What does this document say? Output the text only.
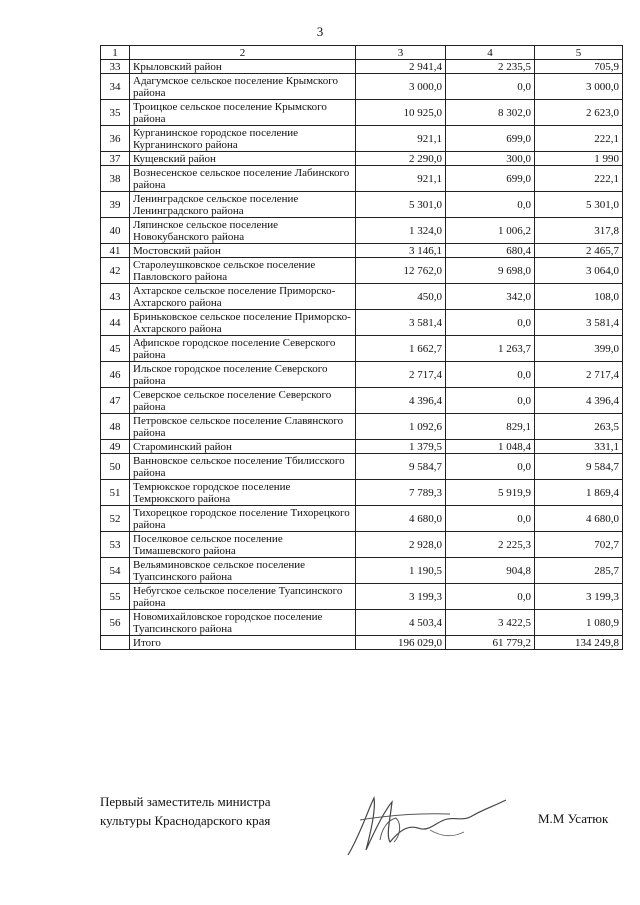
3
1	2	3	4	5
33	Крыловский район	2 941,4	2 235,5	705,9
34	Адагумское сельское поселение Крымского района	3 000,0	0,0	3 000,0
35	Троицкое сельское поселение Крымского района	10 925,0	8 302,0	2 623,0
36	Курганинское городское поселение Курганинского района	921,1	699,0	222,1
37	Кущевский район	2 290,0	300,0	1 990
38	Вознесенское сельское поселение Лабинского района	921,1	699,0	222,1
39	Ленинградское сельское поселение Ленинградского района	5 301,0	0,0	5 301,0
40	Ляпинское сельское поселение Новокубанского района	1 324,0	1 006,2	317,8
41	Мостовский район	3 146,1	680,4	2 465,7
42	Старолеушковское сельское поселение Павловского района	12 762,0	9 698,0	3 064,0
43	Ахтарское сельское поселение Приморско-Ахтарского района	450,0	342,0	108,0
44	Бриньковское сельское поселение Приморско-Ахтарского района	3 581,4	0,0	3 581,4
45	Афипское городское поселение Северского района	1 662,7	1 263,7	399,0
46	Ильское городское поселение Северского района	2 717,4	0,0	2 717,4
47	Северское сельское поселение Северского района	4 396,4	0,0	4 396,4
48	Петровское сельское поселение Славянского района	1 092,6	829,1	263,5
49	Староминский район	1 379,5	1 048,4	331,1
50	Ванновское сельское поселение Тбилисского района	9 584,7	0,0	9 584,7
51	Темрюкское городское поселение Темрюкского района	7 789,3	5 919,9	1 869,4
52	Тихорецкое городское поселение Тихорецкого района	4 680,0	0,0	4 680,0
53	Поселковое сельское поселение Тимашевского района	2 928,0	2 225,3	702,7
54	Вельяминовское сельское поселение Туапсинского района	1 190,5	904,8	285,7
55	Небугское сельское поселение Туапсинского района	3 199,3	0,0	3 199,3
56	Новомихайловское городское поселение Туапсинского района	4 503,4	3 422,5	1 080,9
	Итого	196 029,0	61 779,2	134 249,8
Первый заместитель министра
культуры Краснодарского края	М.М Усатюк
